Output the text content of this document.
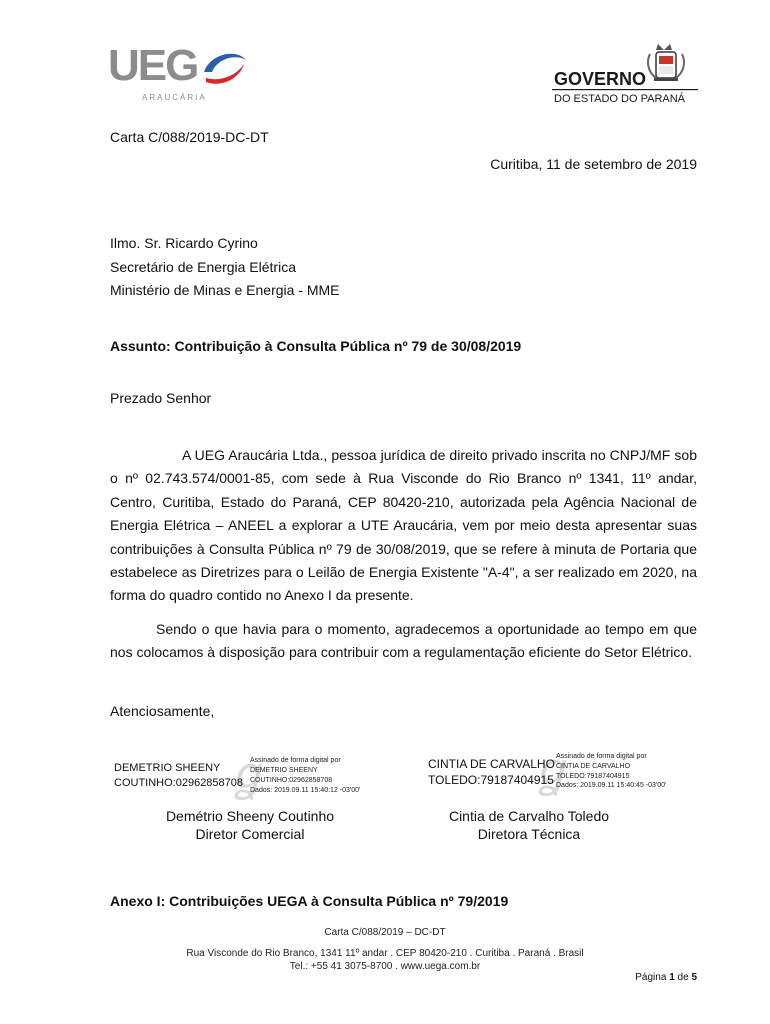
UEG
ARAUCÁRIA
GOVERNO
DO ESTADO DO PARANÁ
Carta C/088/2019-DC-DT
Curitiba, 11 de setembro de 2019
Ilmo. Sr. Ricardo Cyrino
Secretário de Energia Elétrica
Ministério de Minas e Energia - MME
Assunto: Contribuição à Consulta Pública nº 79 de 30/08/2019
Prezado Senhor
A UEG Araucária Ltda., pessoa jurídica de direito privado inscrita no CNPJ/MF sob o nº 02.743.574/0001-85, com sede à Rua Visconde do Rio Branco nº 1341, 11º andar, Centro, Curitiba, Estado do Paraná, CEP 80420-210, autorizada pela Agência Nacional de Energia Elétrica – ANEEL a explorar a UTE Araucária, vem por meio desta apresentar suas contribuições à Consulta Pública nº 79 de 30/08/2019, que se refere à minuta de Portaria que estabelece as Diretrizes para o Leilão de Energia Existente "A-4", a ser realizado em 2020, na forma do quadro contido no Anexo I da presente.
Sendo o que havia para o momento, agradecemos a oportunidade ao tempo em que nos colocamos à disposição para contribuir com a regulamentação eficiente do Setor Elétrico.
Atenciosamente,
ꬶ
DEMETRIO SHEENY
COUTINHO:02962858708
Assinado de forma digital por
DEMETRIO SHEENY
COUTINHO:02962858708
Dados: 2019.09.11 15:40:12 -03'00'	ꬶ
CINTIA DE CARVALHO
TOLEDO:79187404915
Assinado de forma digital por
CINTIA DE CARVALHO
TOLEDO:79187404915
Dados: 2019.09.11 15:40:45 -03'00'
Demétrio Sheeny Coutinho
Diretor Comercial
Cintia de Carvalho Toledo
Diretora Técnica
Anexo I: Contribuições UEGA à Consulta Pública nº 79/2019
Carta C/088/2019 – DC-DT
Rua Visconde do Rio Branco, 1341 11º andar . CEP 80420-210 . Curitiba . Paraná . Brasil
Tel.: +55 41 3075-8700 . www.uega.com.br
Página 1 de 5
